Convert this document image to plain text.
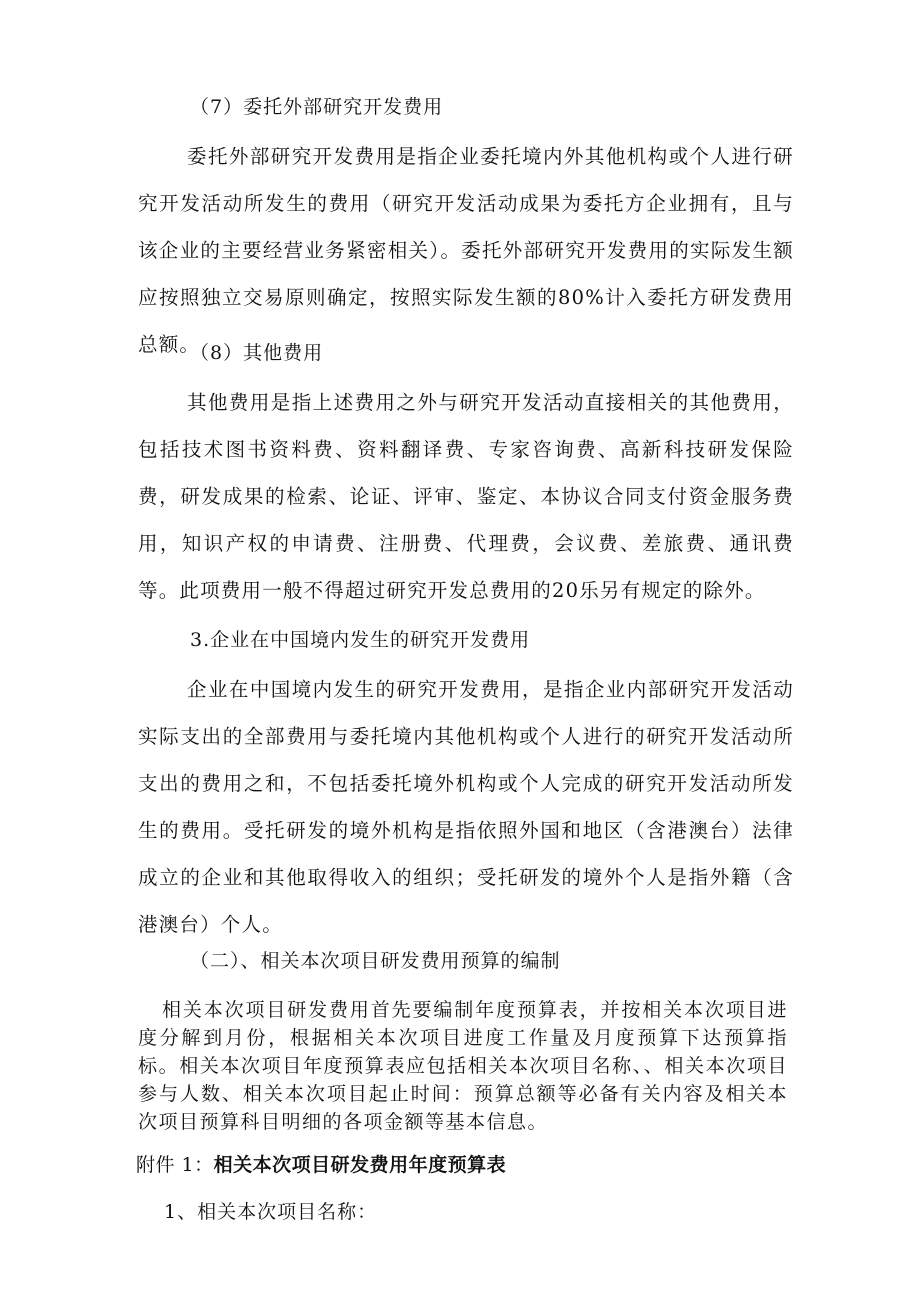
（7）委托外部研究开发费用
委托外部研究开发费用是指企业委托境内外其他机构或个人进行研究开发活动所发生的费用（研究开发活动成果为委托方企业拥有，且与该企业的主要经营业务紧密相关）。委托外部研究开发费用的实际发生额应按照独立交易原则确定，按照实际发生额的80%计入委托方研发费用总额。
（8）其他费用
其他费用是指上述费用之外与研究开发活动直接相关的其他费用，包括技术图书资料费、资料翻译费、专家咨询费、高新科技研发保险费，研发成果的检索、论证、评审、鉴定、本协议合同支付资金服务费用，知识产权的申请费、注册费、代理费，会议费、差旅费、通讯费等。此项费用一般不得超过研究开发总费用的20乐另有规定的除外。
3.企业在中国境内发生的研究开发费用
企业在中国境内发生的研究开发费用，是指企业内部研究开发活动实际支出的全部费用与委托境内其他机构或个人进行的研究开发活动所支出的费用之和，不包括委托境外机构或个人完成的研究开发活动所发生的费用。受托研发的境外机构是指依照外国和地区（含港澳台）法律成立的企业和其他取得收入的组织；受托研发的境外个人是指外籍（含港澳台）个人。
（二）、相关本次项目研发费用预算的编制
相关本次项目研发费用首先要编制年度预算表，并按相关本次项目进度分解到月份，根据相关本次项目进度工作量及月度预算下达预算指标。相关本次项目年度预算表应包括相关本次项目名称、、相关本次项目参与人数、相关本次项目起止时间：预算总额等必备有关内容及相关本次项目预算科目明细的各项金额等基本信息。
附件 1：相关本次项目研发费用年度预算表
1、相关本次项目名称：
